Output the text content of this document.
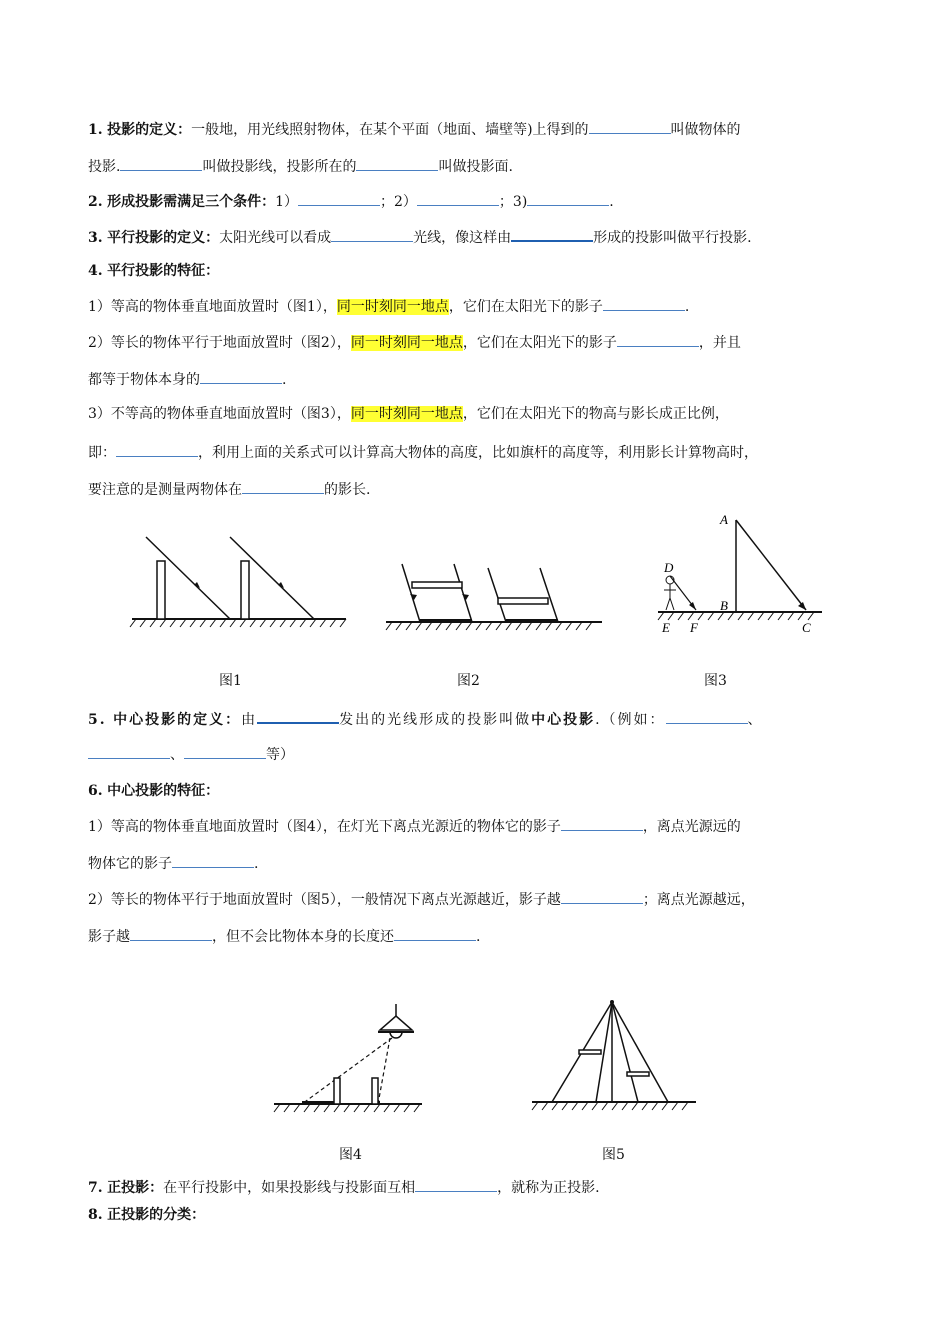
1. 投影的定义：一般地，用光线照射物体，在某个平面（地面、墙壁等)上得到的	叫做物体的
投影.	叫做投影线，投影所在的	叫做投影面.
2. 形成投影需满足三个条件：1）	；2）	；3)	.
3. 平行投影的定义：太阳光线可以看成	光线，像这样由	形成的投影叫做平行投影.
4. 平行投影的特征：
1）等高的物体垂直地面放置时（图1），同一时刻同一地点，它们在太阳光下的影子	.
2）等长的物体平行于地面放置时（图2），同一时刻同一地点，它们在太阳光下的影子	，并且
都等于物体本身的	.
3）不等高的物体垂直地面放置时（图3），同一时刻同一地点，它们在太阳光下的物高与影长成正比例，
即：	，利用上面的关系式可以计算高大物体的高度，比如旗杆的高度等，利用影长计算物高时，
要注意的是测量两物体在	的影长.
图1	图2
A
B
C
D
E F
图3
5. 中心投影的定义：由	发出的光线形成的投影叫做中心投影.（例如：	、
、	等）
6. 中心投影的特征：
1）等高的物体垂直地面放置时（图4），在灯光下离点光源近的物体它的影子	，离点光源远的
物体它的影子	.
2）等长的物体平行于地面放置时（图5），一般情况下离点光源越近，影子越	；离点光源越远，
影子越	，但不会比物体本身的长度还	.
图4	图5
7. 正投影：在平行投影中，如果投影线与投影面互相	，就称为正投影.
8. 正投影的分类：
